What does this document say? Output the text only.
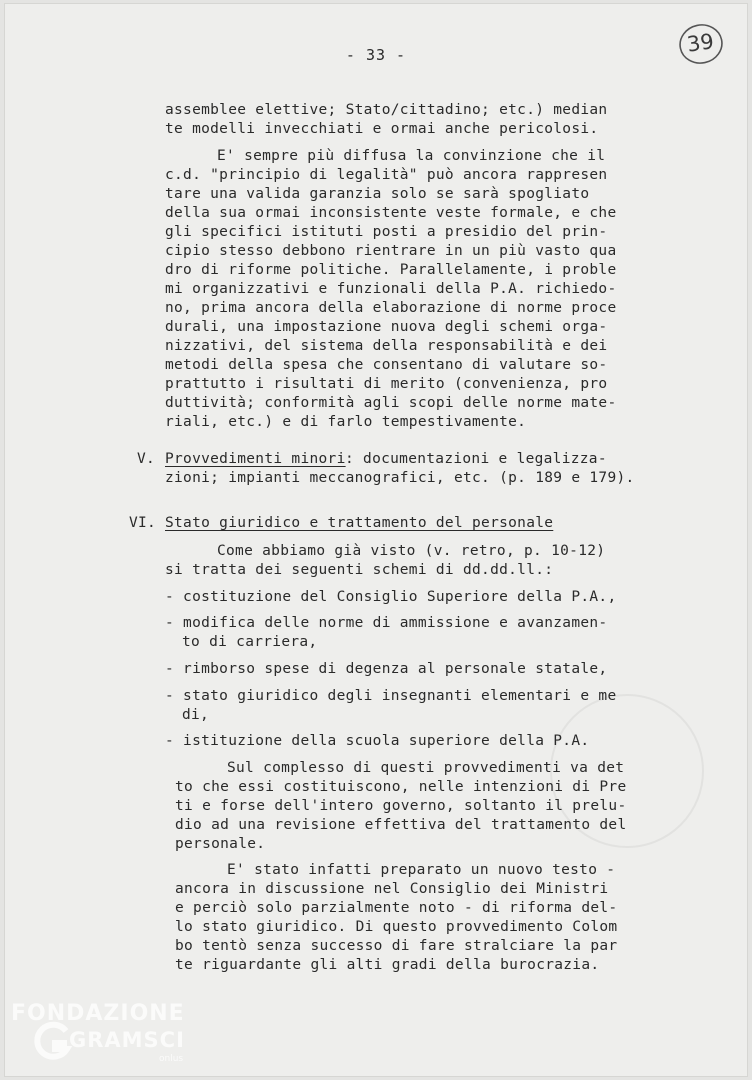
- 33 -	39
assemblee elettive; Stato/cittadino; etc.) median
te modelli invecchiati e ormai anche pericolosi.
E' sempre più diffusa la convinzione che il
c.d. "principio di legalità" può ancora rappresen
tare una valida garanzia solo se sarà spogliato
della sua ormai inconsistente veste formale, e che
gli specifici istituti posti a presidio del prin-
cipio stesso debbono rientrare in un più vasto qua
dro di riforme politiche. Parallelamente, i proble
mi organizzativi e funzionali della P.A. richiedo-
no, prima ancora della elaborazione di norme proce
durali, una impostazione nuova degli schemi orga-
nizzativi, del sistema della responsabilità e dei
metodi della spesa che consentano di valutare so-
prattutto i risultati di merito (convenienza, pro
duttività; conformità agli scopi delle norme mate-
riali, etc.) e di farlo tempestivamente.
V. Provvedimenti minori : documentazioni e legalizza-
zioni; impianti meccanografici, etc. (p. 189 e 179).
VI. Stato giuridico e trattamento del personale
Come abbiamo già visto (v. retro, p. 10-12)
si tratta dei seguenti schemi di dd.dd.ll.:
- costituzione del Consiglio Superiore della P.A.,
- modifica delle norme di ammissione e avanzamen-
to di carriera,
- rimborso spese di degenza al personale statale,
- stato giuridico degli insegnanti elementari e me
di,
- istituzione della scuola superiore della P.A.
Sul complesso di questi provvedimenti va det
to che essi costituiscono, nelle intenzioni di Pre
ti e forse dell'intero governo, soltanto il prelu-
dio ad una revisione effettiva del trattamento del
personale.
E' stato infatti preparato un nuovo testo -
ancora in discussione nel Consiglio dei Ministri
e perciò solo parzialmente noto - di riforma del-
lo stato giuridico. Di questo provvedimento Colom
bo tentò senza successo di fare stralciare la par
te riguardante gli alti gradi della burocrazia.
FONDAZIONE
GRAMSCI
onlus
